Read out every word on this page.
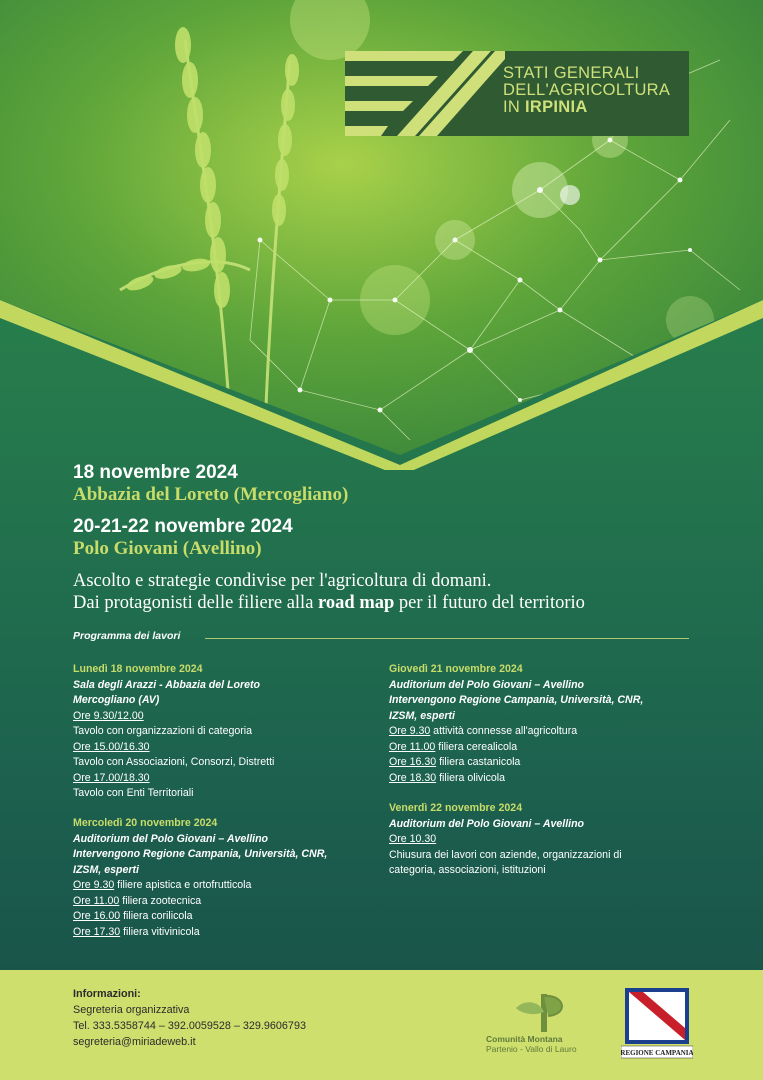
STATI GENERALI
DELL'AGRICOLTURA
IN IRPINIA
18 novembre 2024
Abbazia del Loreto (Mercogliano)
20-21-22 novembre 2024
Polo Giovani (Avellino)
Ascolto e strategie condivise per l'agricoltura di domani.
Dai protagonisti delle filiere alla road map per il futuro del territorio
Programma dei lavori
Lunedì 18 novembre 2024
Sala degli Arazzi - Abbazia del Loreto
Mercogliano (AV)
Ore 9.30/12.00
Tavolo con organizzazioni di categoria
Ore 15.00/16.30
Tavolo con Associazioni, Consorzi, Distretti
Ore 17.00/18.30
Tavolo con Enti Territoriali
Mercoledì 20 novembre 2024
Auditorium del Polo Giovani – Avellino
Intervengono Regione Campania, Università, CNR,
IZSM, esperti
Ore 9.30 filiere apistica e ortofrutticola
Ore 11.00 filiera zootecnica
Ore 16.00 filiera corilicola
Ore 17.30 filiera vitivinicola
Giovedì 21 novembre 2024
Auditorium del Polo Giovani – Avellino
Intervengono Regione Campania, Università, CNR,
IZSM, esperti
Ore 9.30 attività connesse all'agricoltura
Ore 11.00 filiera cerealicola
Ore 16.30 filiera castanicola
Ore 18.30 filiera olivicola
Venerdì 22 novembre 2024
Auditorium del Polo Giovani – Avellino
Ore 10.30
Chiusura dei lavori con aziende, organizzazioni di
categoria, associazioni, istituzioni
Informazioni:
Segreteria organizzativa
Tel. 333.5358744 – 392.0059528 – 329.9606793
segreteria@miriadeweb.it	Comunità Montana
Partenio - Vallo di Lauro	REGIONE CAMPANIA
